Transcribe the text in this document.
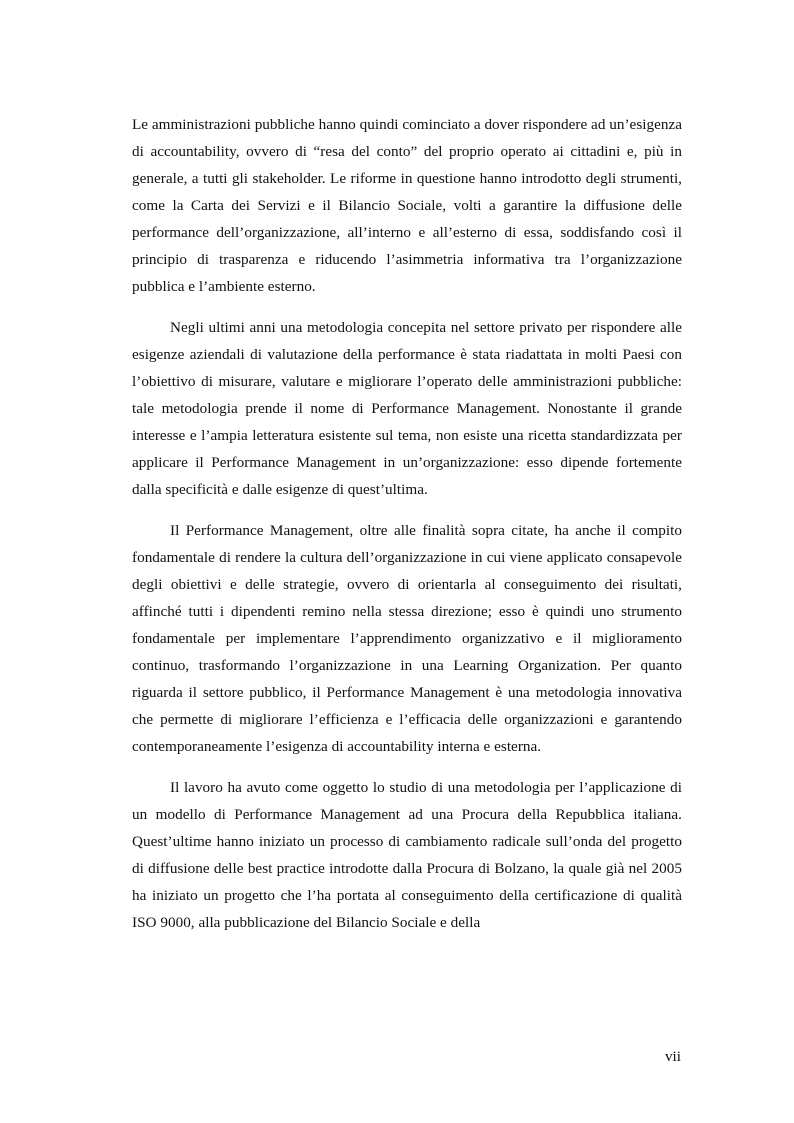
Le amministrazioni pubbliche hanno quindi cominciato a dover rispondere ad un’esigenza di accountability, ovvero di “resa del conto” del proprio operato ai cittadini e, più in generale, a tutti gli stakeholder. Le riforme in questione hanno introdotto degli strumenti, come la Carta dei Servizi e il Bilancio Sociale, volti a garantire la diffusione delle performance dell’organizzazione, all’interno e all’esterno di essa, soddisfando così il principio di trasparenza e riducendo l’asimmetria informativa tra l’organizzazione pubblica e l’ambiente esterno.

Negli ultimi anni una metodologia concepita nel settore privato per rispondere alle esigenze aziendali di valutazione della performance è stata riadattata in molti Paesi con l’obiettivo di misurare, valutare e migliorare l’operato delle amministrazioni pubbliche: tale metodologia prende il nome di Performance Management. Nonostante il grande interesse e l’ampia letteratura esistente sul tema, non esiste una ricetta standardizzata per applicare il Performance Management in un’organizzazione: esso dipende fortemente dalla specificità e dalle esigenze di quest’ultima.

Il Performance Management, oltre alle finalità sopra citate, ha anche il compito fondamentale di rendere la cultura dell’organizzazione in cui viene applicato consapevole degli obiettivi e delle strategie, ovvero di orientarla al conseguimento dei risultati, affinché tutti i dipendenti remino nella stessa direzione; esso è quindi uno strumento fondamentale per implementare l’apprendimento organizzativo e il miglioramento continuo, trasformando l’organizzazione in una Learning Organization. Per quanto riguarda il settore pubblico, il Performance Management è una metodologia innovativa che permette di migliorare l’efficienza e l’efficacia delle organizzazioni e garantendo contemporaneamente l’esigenza di accountability interna e esterna.

Il lavoro ha avuto come oggetto lo studio di una metodologia per l’applicazione di un modello di Performance Management ad una Procura della Repubblica italiana. Quest’ultime hanno iniziato un processo di cambiamento radicale sull’onda del progetto di diffusione delle best practice introdotte dalla Procura di Bolzano, la quale già nel 2005 ha iniziato un progetto che l’ha portata al conseguimento della certificazione di qualità ISO 9000, alla pubblicazione del Bilancio Sociale e della

vii
